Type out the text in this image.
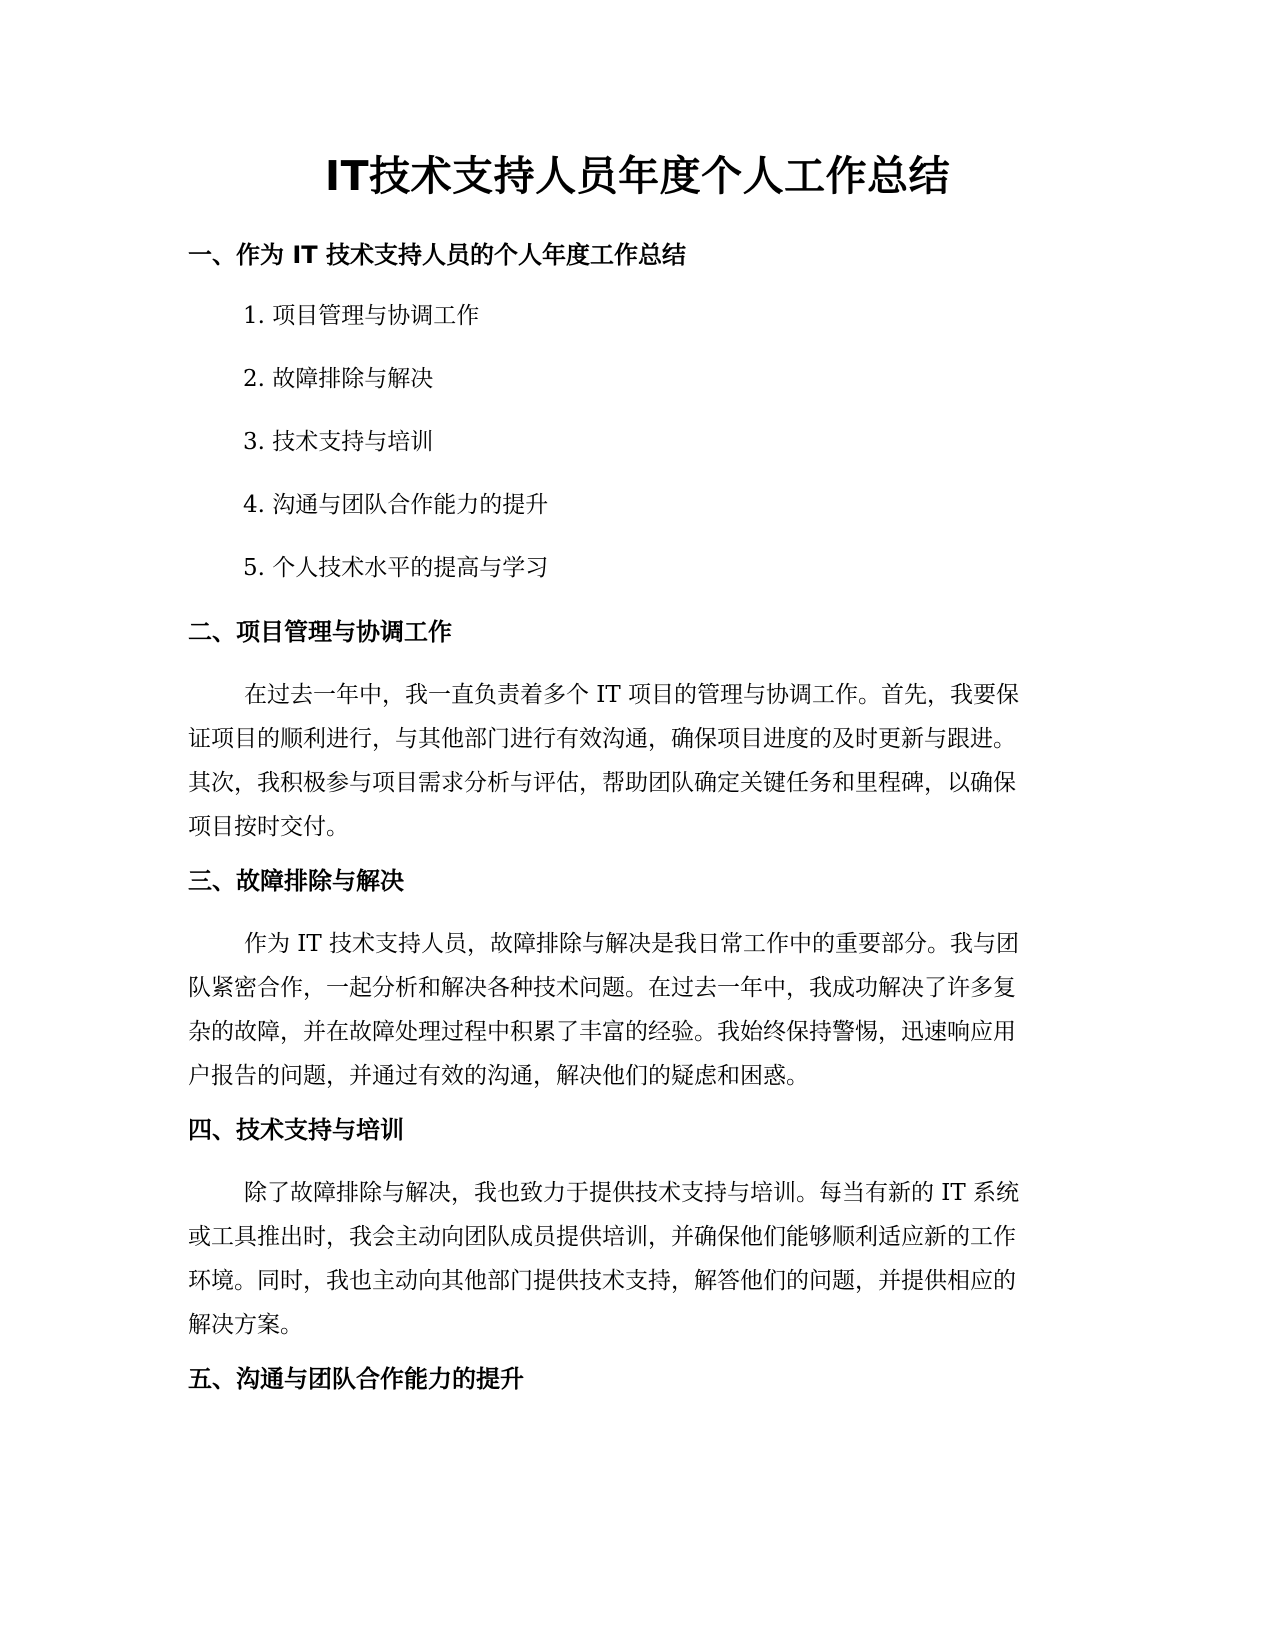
IT技术支持人员年度个人工作总结
一、作为 IT 技术支持人员的个人年度工作总结

1. 项目管理与协调工作

2. 故障排除与解决

3. 技术支持与培训

4. 沟通与团队合作能力的提升

5. 个人技术水平的提高与学习

二、项目管理与协调工作
在过去一年中，我一直负责着多个 IT 项目的管理与协调工作。首先，我要保
证项目的顺利进行，与其他部门进行有效沟通，确保项目进度的及时更新与跟进。
其次，我积极参与项目需求分析与评估，帮助团队确定关键任务和里程碑，以确保
项目按时交付。
三、故障排除与解决
作为 IT 技术支持人员，故障排除与解决是我日常工作中的重要部分。我与团
队紧密合作，一起分析和解决各种技术问题。在过去一年中，我成功解决了许多复
杂的故障，并在故障处理过程中积累了丰富的经验。我始终保持警惕，迅速响应用
户报告的问题，并通过有效的沟通，解决他们的疑虑和困惑。
四、技术支持与培训
除了故障排除与解决，我也致力于提供技术支持与培训。每当有新的 IT 系统
或工具推出时，我会主动向团队成员提供培训，并确保他们能够顺利适应新的工作
环境。同时，我也主动向其他部门提供技术支持，解答他们的问题，并提供相应的
解决方案。
五、沟通与团队合作能力的提升
